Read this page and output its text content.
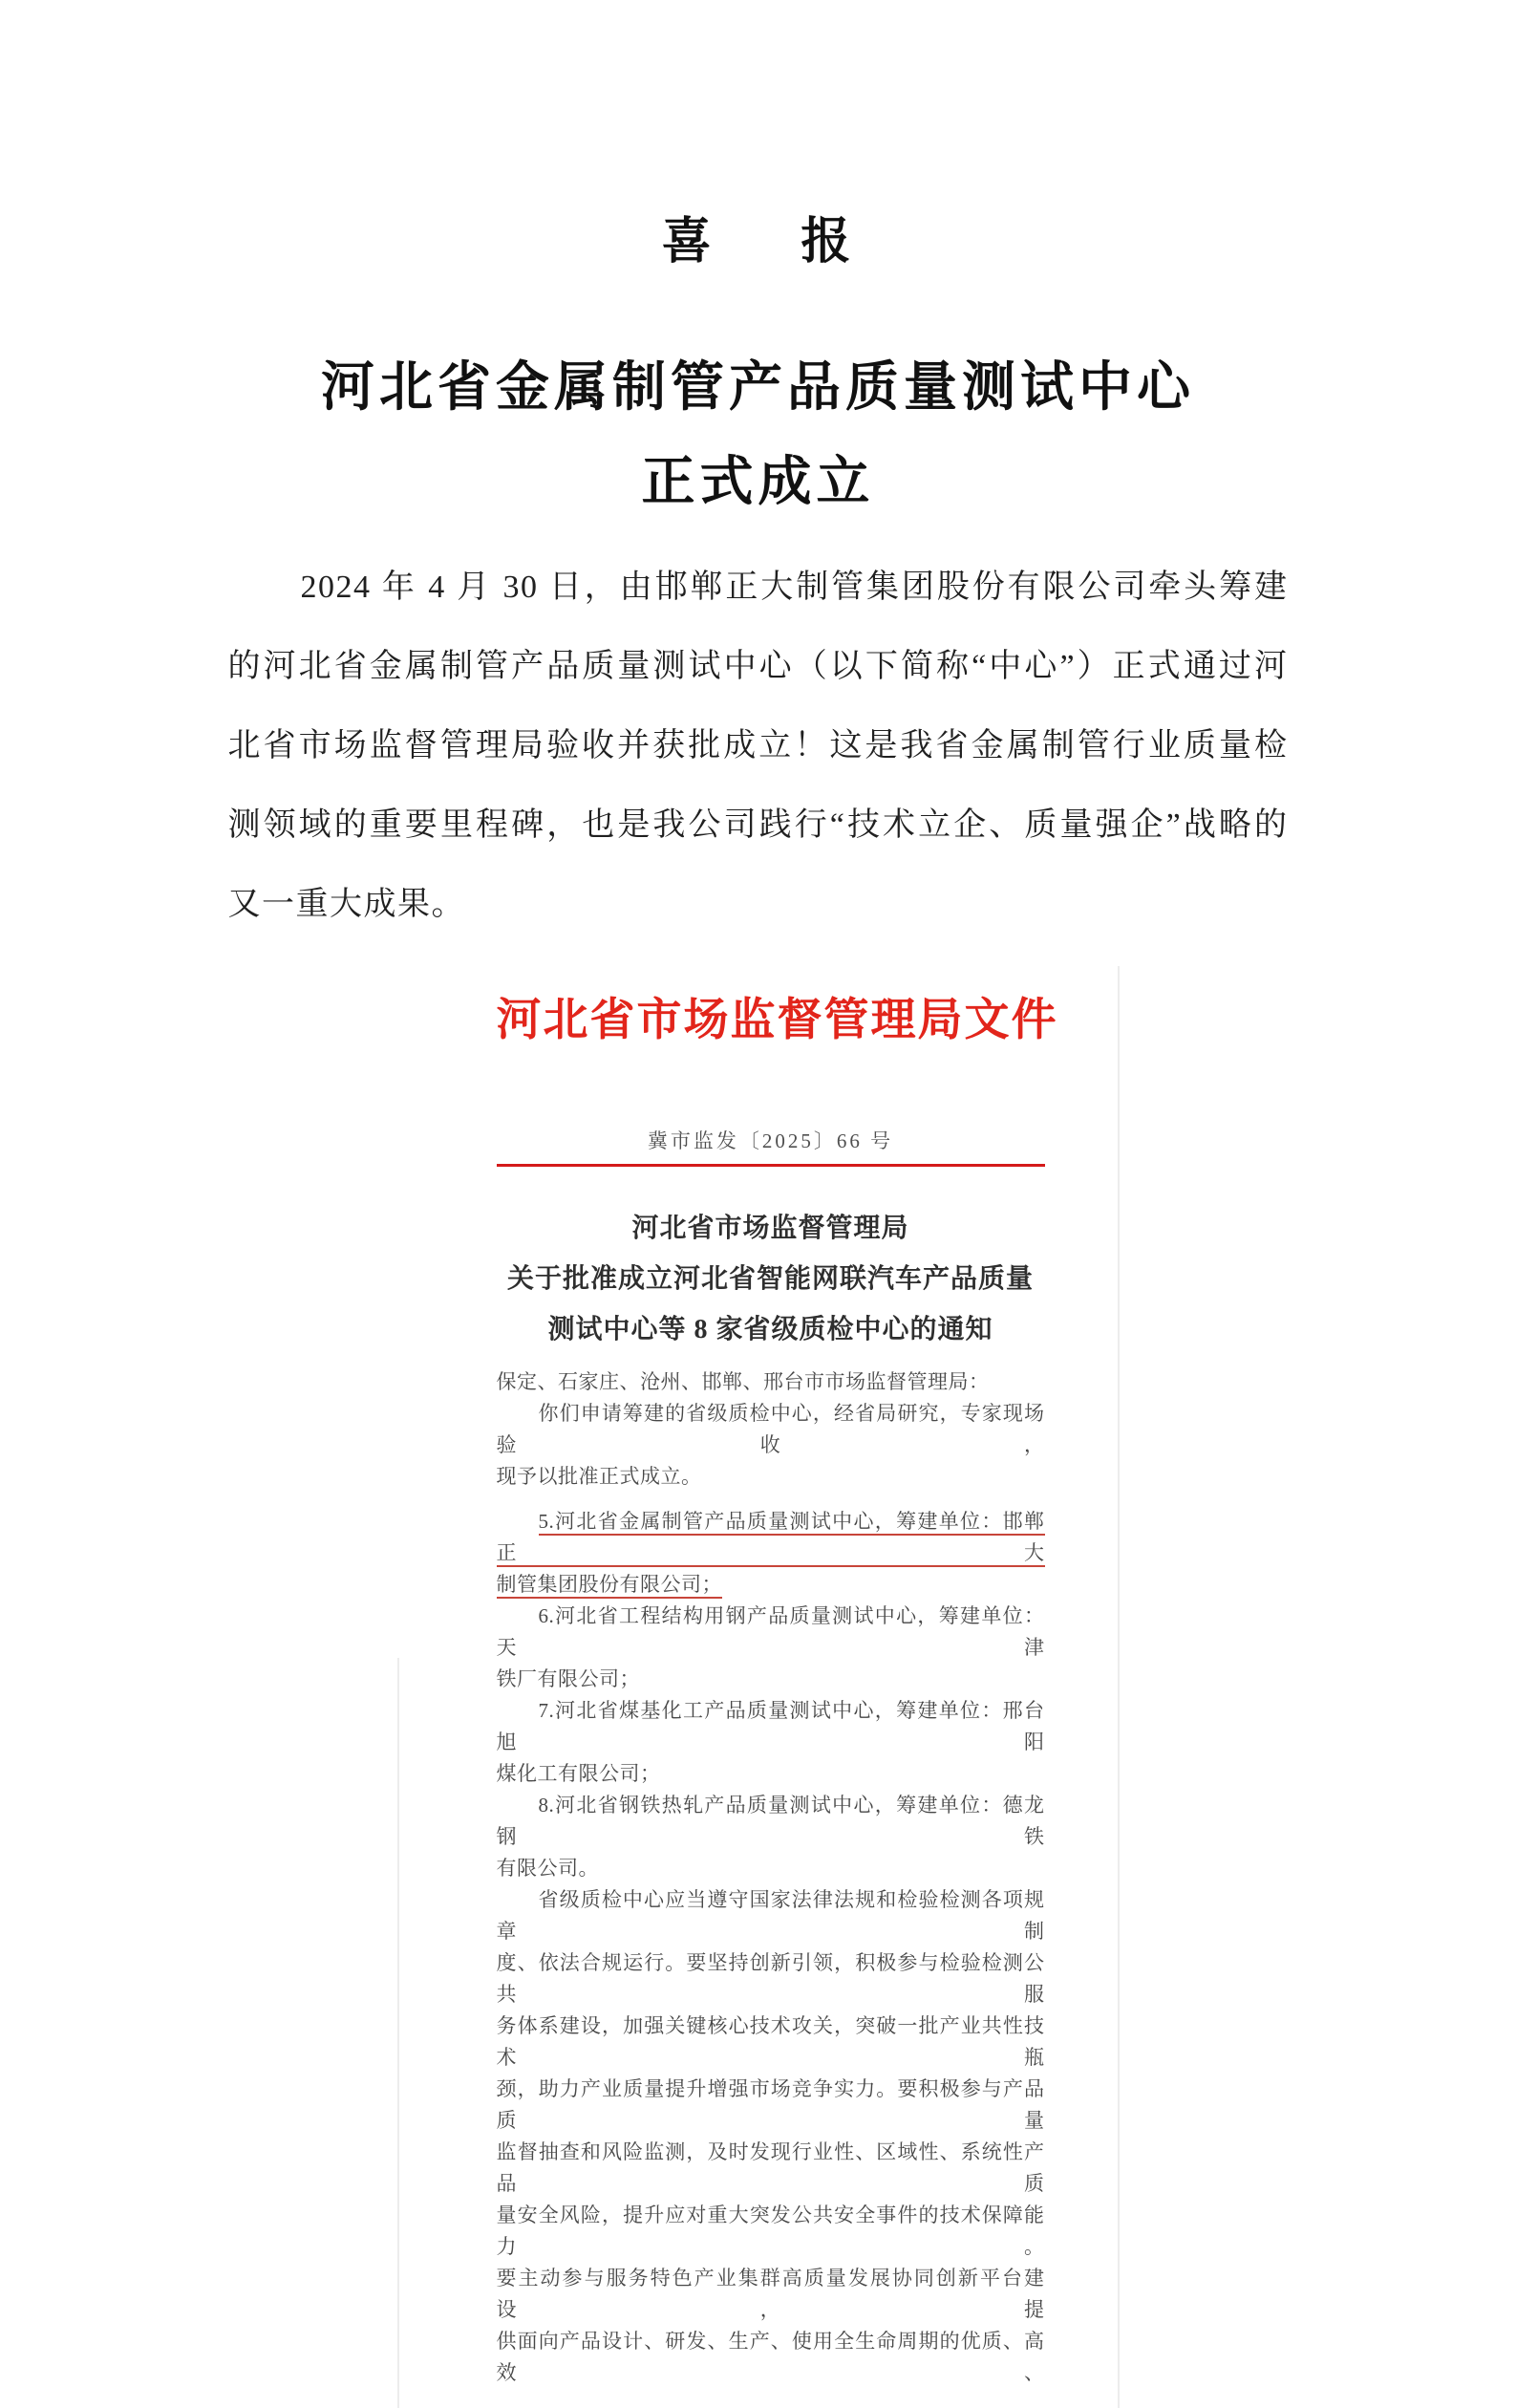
喜 报
河北省金属制管产品质量测试中心
正式成立
2024 年 4 月 30 日，由邯郸正大制管集团股份有限公司牵头筹建
的河北省金属制管产品质量测试中心（以下简称“中心”）正式通过河
北省市场监督管理局验收并获批成立！这是我省金属制管行业质量检
测领域的重要里程碑，也是我公司践行“技术立企、质量强企”战略的
又一重大成果。
河北省市场监督管理局文件
冀市监发〔2025〕66 号
河北省市场监督管理局
关于批准成立河北省智能网联汽车产品质量
测试中心等 8 家省级质检中心的通知
保定、石家庄、沧州、邯郸、邢台市市场监督管理局：
你们申请筹建的省级质检中心，经省局研究，专家现场验收，
现予以批准正式成立。
5.河北省金属制管产品质量测试中心，筹建单位：邯郸正大
制管集团股份有限公司；
6.河北省工程结构用钢产品质量测试中心，筹建单位：天津
铁厂有限公司；
7.河北省煤基化工产品质量测试中心，筹建单位：邢台旭阳
煤化工有限公司；
8.河北省钢铁热轧产品质量测试中心，筹建单位：德龙钢铁
有限公司。
省级质检中心应当遵守国家法律法规和检验检测各项规章制
度、依法合规运行。要坚持创新引领，积极参与检验检测公共服
务体系建设，加强关键核心技术攻关，突破一批产业共性技术瓶
颈，助力产业质量提升增强市场竞争实力。要积极参与产品质量
监督抽查和风险监测，及时发现行业性、区域性、系统性产品质
量安全风险，提升应对重大突发公共安全事件的技术保障能力。
要主动参与服务特色产业集群高质量发展协同创新平台建设，提
供面向产品设计、研发、生产、使用全生命周期的优质、高效、
